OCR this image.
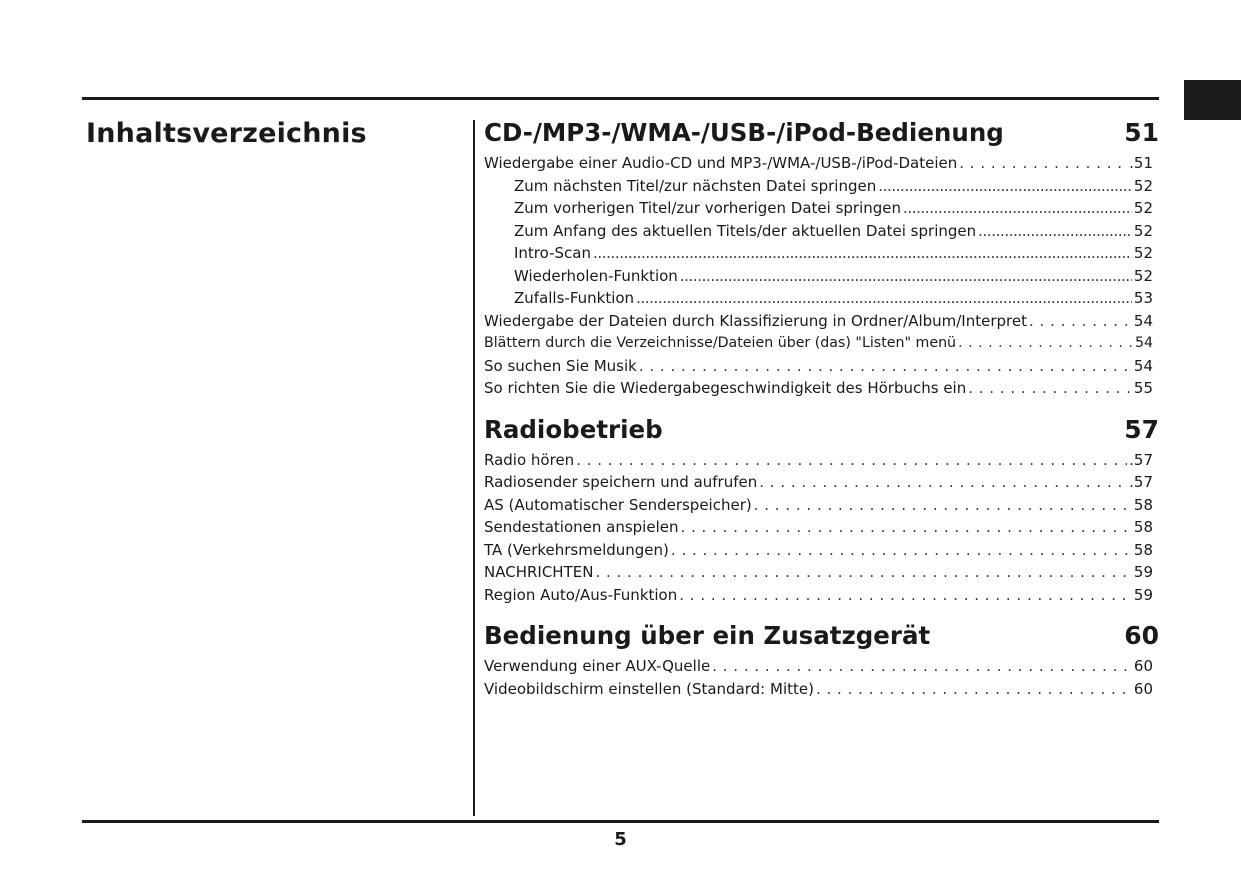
Inhaltsverzeichnis	CD-/MP3-/WMA-/USB-/iPod-Bedienung	51
Wiedergabe einer Audio-CD und MP3-/WMA-/USB-/iPod-Dateien . . .	.51
Zum nächsten Titel/zur nächsten Datei springen .....	52
Zum vorherigen Titel/zur vorherigen Datei springen .....	52
Zum Anfang des aktuellen Titels/der aktuellen Datei springen .....	52
Intro-Scan .....	52
Wiederholen-Funktion .....	52
Zufalls-Funktion .....	53
Wiedergabe der Dateien durch Klassifizierung in Ordner/Album/Interpret . . .	54
Blättern durch die Verzeichnisse/Dateien über (das) "Listen" menü . . .	54
So suchen Sie Musik . . .	54
So richten Sie die Wiedergabegeschwindigkeit des Hörbuchs ein . . .	55
Radiobetrieb	57
Radio hören . . .	.57
Radiosender speichern und aufrufen . . .	.57
AS (Automatischer Senderspeicher) . . .	58
Sendestationen anspielen . . .	58
TA (Verkehrsmeldungen) . . .	58
NACHRICHTEN . . .	59
Region Auto/Aus-Funktion . . .	59
Bedienung über ein Zusatzgerät	60
Verwendung einer AUX-Quelle . . .	60
Videobildschirm einstellen (Standard: Mitte) . . .	60
5
